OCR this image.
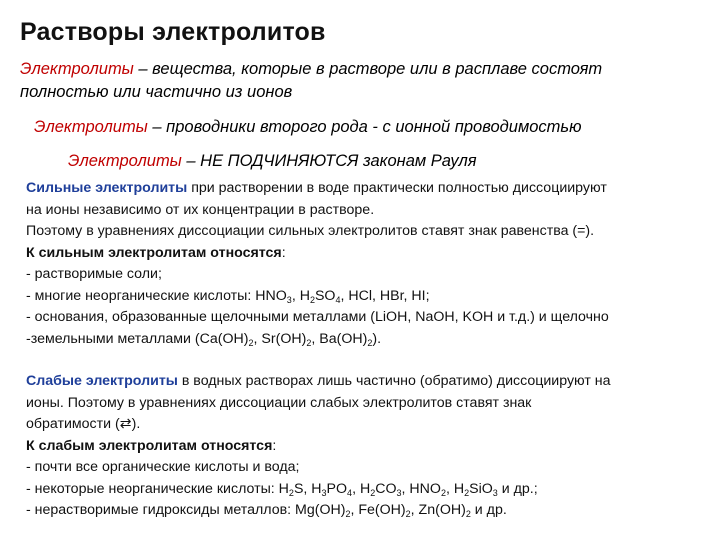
Растворы электролитов

Электролиты – вещества, которые в растворе или в расплаве состоят

полностью или частично из ионов

Электролиты – проводники второго рода - с ионной проводимостью

Электролиты – НЕ ПОДЧИНЯЮТСЯ законам Рауля

Сильные электролиты при растворении в воде практически полностью диссоциируют

на ионы независимо от их концентрации в растворе.

Поэтому в уравнениях диссоциации сильных электролитов ставят знак равенства (=).

К сильным электролитам относятся:

- растворимые соли;

- многие неорганические кислоты: $HNO_3$, $H_2SO_4$, HCl, HBr, HI;

- основания, образованные щелочными металлами (LiOH, NaOH, KOH и т.д.) и щелочно

-земельными металлами ($Ca(OH)_2$, $Sr(OH)_2$, $Ba(OH)_2$).

Слабые электролиты в водных растворах лишь частично (обратимо) диссоциируют на

ионы. Поэтому в уравнениях диссоциации слабых электролитов ставят знак

обратимости (⇄).

К слабым электролитам относятся:

- почти все органические кислоты и вода;

- некоторые неорганические кислоты: $H_2S$, $H_3PO_4$, $H_2CO_3$, $HNO_2$, $H_2SiO_3$ и др.;

- нерастворимые гидроксиды металлов: $Mg(OH)_2$, $Fe(OH)_2$, $Zn(OH)_2$ и др.
